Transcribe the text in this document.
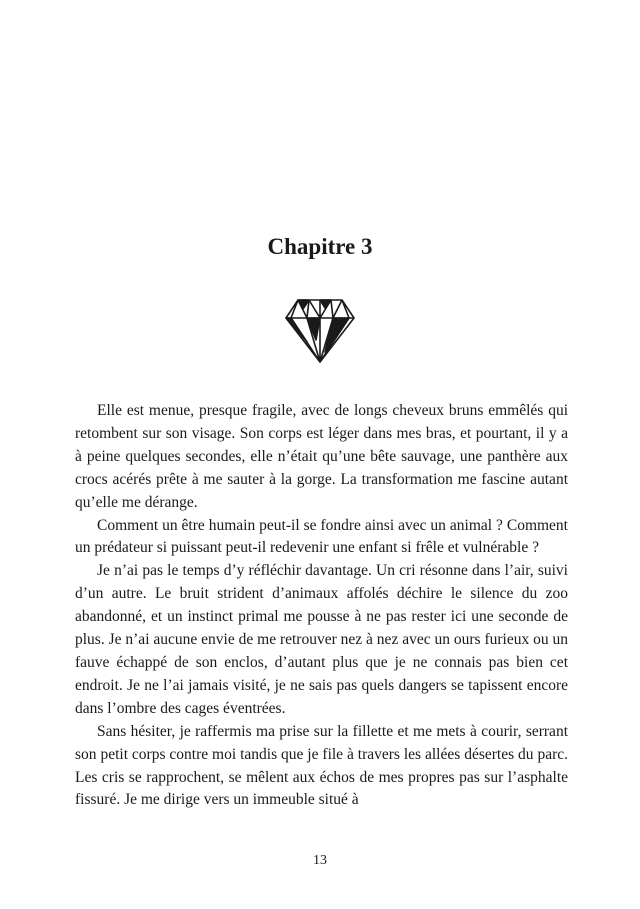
Chapitre 3

Elle est menue, presque fragile, avec de longs cheveux bruns emmêlés qui retombent sur son visage. Son corps est léger dans mes bras, et pourtant, il y a à peine quelques secondes, elle n’était qu’une bête sauvage, une panthère aux crocs acérés prête à me sauter à la gorge. La transformation me fascine autant qu’elle me dérange.

Comment un être humain peut-il se fondre ainsi avec un animal ? Comment un prédateur si puissant peut-il redevenir une enfant si frêle et vulnérable ?

Je n’ai pas le temps d’y réfléchir davantage. Un cri résonne dans l’air, suivi d’un autre. Le bruit strident d’animaux affolés déchire le silence du zoo abandonné, et un instinct primal me pousse à ne pas rester ici une seconde de plus. Je n’ai aucune envie de me retrouver nez à nez avec un ours furieux ou un fauve échappé de son enclos, d’autant plus que je ne connais pas bien cet endroit. Je ne l’ai jamais visité, je ne sais pas quels dangers se tapissent encore dans l’ombre des cages éventrées.

Sans hésiter, je raffermis ma prise sur la fillette et me mets à courir, serrant son petit corps contre moi tandis que je file à travers les allées désertes du parc. Les cris se rapprochent, se mêlent aux échos de mes propres pas sur l’asphalte fissuré. Je me dirige vers un immeuble situé à

13
